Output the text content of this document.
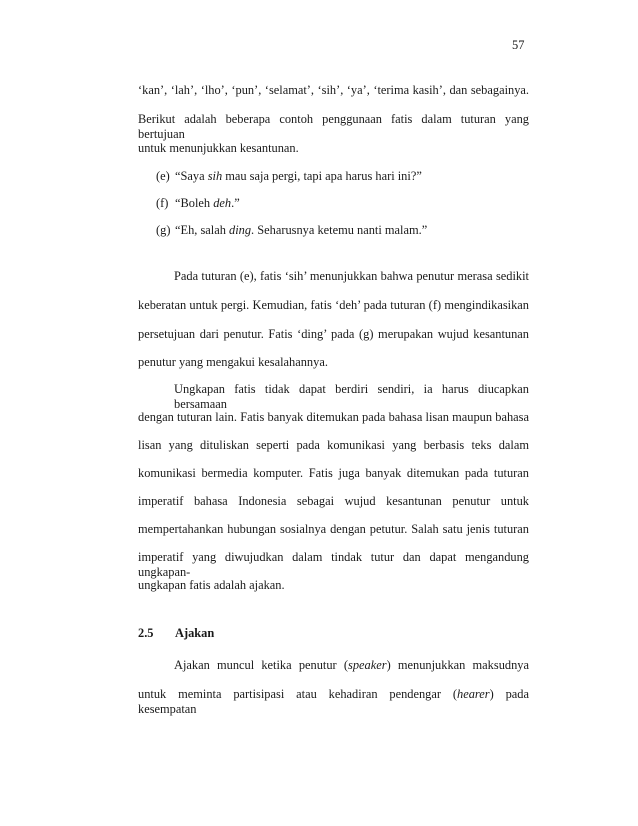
57
‘kan’, ‘lah’, ‘lho’, ‘pun’, ‘selamat’, ‘sih’, ‘ya’, ‘terima kasih’, dan sebagainya.
Berikut adalah beberapa contoh penggunaan fatis dalam tuturan yang bertujuan
untuk menunjukkan kesantunan.
(e) “Saya sih mau saja pergi, tapi apa harus hari ini?”
(f) “Boleh deh.”
(g) “Eh, salah ding. Seharusnya ketemu nanti malam.”
Pada tuturan (e), fatis ‘sih’ menunjukkan bahwa penutur merasa sedikit
keberatan untuk pergi. Kemudian, fatis ‘deh’ pada tuturan (f) mengindikasikan
persetujuan dari penutur. Fatis ‘ding’ pada (g) merupakan wujud kesantunan
penutur yang mengakui kesalahannya.
Ungkapan fatis tidak dapat berdiri sendiri, ia harus diucapkan bersamaan
dengan tuturan lain. Fatis banyak ditemukan pada bahasa lisan maupun bahasa
lisan yang dituliskan seperti pada komunikasi yang berbasis teks dalam
komunikasi bermedia komputer. Fatis juga banyak ditemukan pada tuturan
imperatif bahasa Indonesia sebagai wujud kesantunan penutur untuk
mempertahankan hubungan sosialnya dengan petutur. Salah satu jenis tuturan
imperatif yang diwujudkan dalam tindak tutur dan dapat mengandung ungkapan-
ungkapan fatis adalah ajakan.
2.5 Ajakan
Ajakan muncul ketika penutur (speaker) menunjukkan maksudnya
untuk meminta partisipasi atau kehadiran pendengar (hearer) pada kesempatan
